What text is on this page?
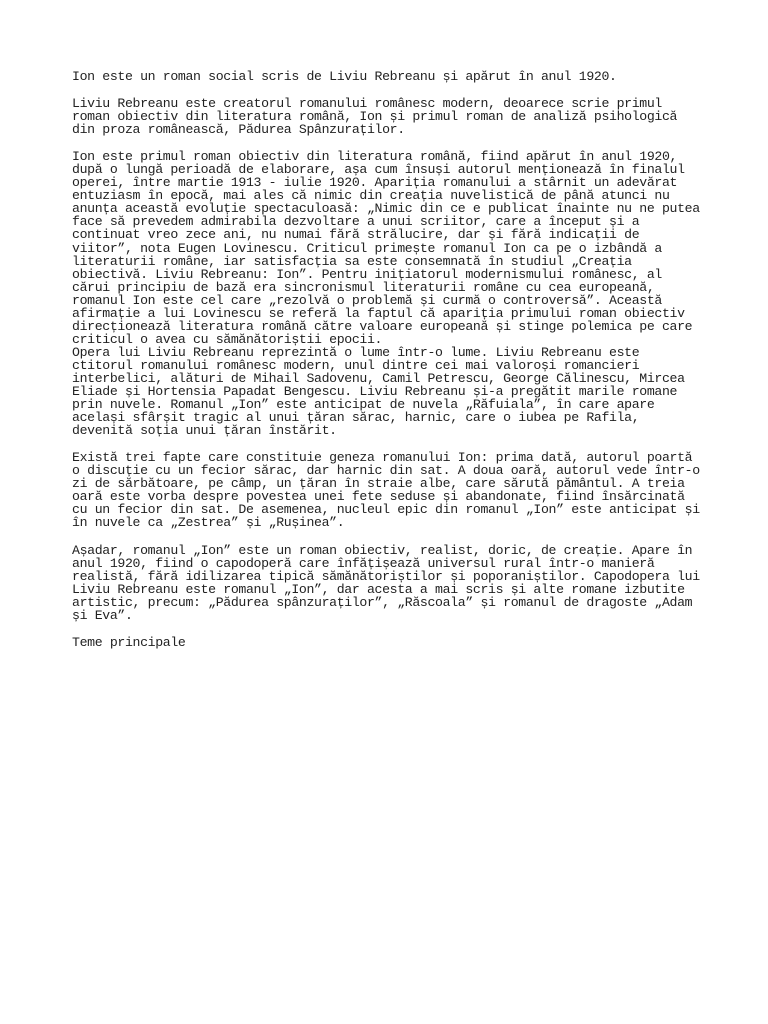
Ion este un roman social scris de Liviu Rebreanu și apărut în anul 1920.

Liviu Rebreanu este creatorul romanului românesc modern, deoarece scrie primul
roman obiectiv din literatura română, Ion și primul roman de analiză psihologică
din proza românească, Pădurea Spânzuraților.

Ion este primul roman obiectiv din literatura română, fiind apărut în anul 1920,
după o lungă perioadă de elaborare, așa cum însuși autorul menționează în finalul
operei, între martie 1913 - iulie 1920. Apariția romanului a stârnit un adevărat
entuziasm în epocă, mai ales că nimic din creația nuvelistică de până atunci nu
anunța această evoluție spectaculoasă: „Nimic din ce e publicat înainte nu ne putea
face să prevedem admirabila dezvoltare a unui scriitor, care a început și a
continuat vreo zece ani, nu numai fără strălucire, dar și fără indicații de
viitor”, nota Eugen Lovinescu. Criticul primește romanul Ion ca pe o izbândă a
literaturii române, iar satisfacția sa este consemnată în studiul „Creația
obiectivă. Liviu Rebreanu: Ion”. Pentru inițiatorul modernismului românesc, al
cărui principiu de bază era sincronismul literaturii române cu cea europeană,
romanul Ion este cel care „rezolvă o problemă și curmă o controversă”. Această
afirmație a lui Lovinescu se referă la faptul că apariția primului roman obiectiv
direcționează literatura română către valoare europeană și stinge polemica pe care
criticul o avea cu sămănătoriștii epocii.

Opera lui Liviu Rebreanu reprezintă o lume într-o lume. Liviu Rebreanu este
ctitorul romanului românesc modern, unul dintre cei mai valoroși romancieri
interbelici, alături de Mihail Sadovenu, Camil Petrescu, George Călinescu, Mircea
Eliade și Hortensia Papadat Bengescu. Liviu Rebreanu și-a pregătit marile romane
prin nuvele. Romanul „Ion” este anticipat de nuvela „Răfuiala”, în care apare
același sfârșit tragic al unui țăran sărac, harnic, care o iubea pe Rafila,
devenită soția unui țăran înstărit.

Există trei fapte care constituie geneza romanului Ion: prima dată, autorul poartă
o discuție cu un fecior sărac, dar harnic din sat. A doua oară, autorul vede într-o
zi de sărbătoare, pe câmp, un țăran în straie albe, care sărută pământul. A treia
oară este vorba despre povestea unei fete seduse și abandonate, fiind însărcinată
cu un fecior din sat. De asemenea, nucleul epic din romanul „Ion” este anticipat și
în nuvele ca „Zestrea” și „Rușinea”.

Așadar, romanul „Ion” este un roman obiectiv, realist, doric, de creație. Apare în
anul 1920, fiind o capodoperă care înfățișează universul rural într-o manieră
realistă, fără idilizarea tipică sămănătoriștilor și poporaniștilor. Capodopera lui
Liviu Rebreanu este romanul „Ion”, dar acesta a mai scris și alte romane izbutite
artistic, precum: „Pădurea spânzuraților”, „Răscoala” și romanul de dragoste „Adam
și Eva”.

Teme principale
